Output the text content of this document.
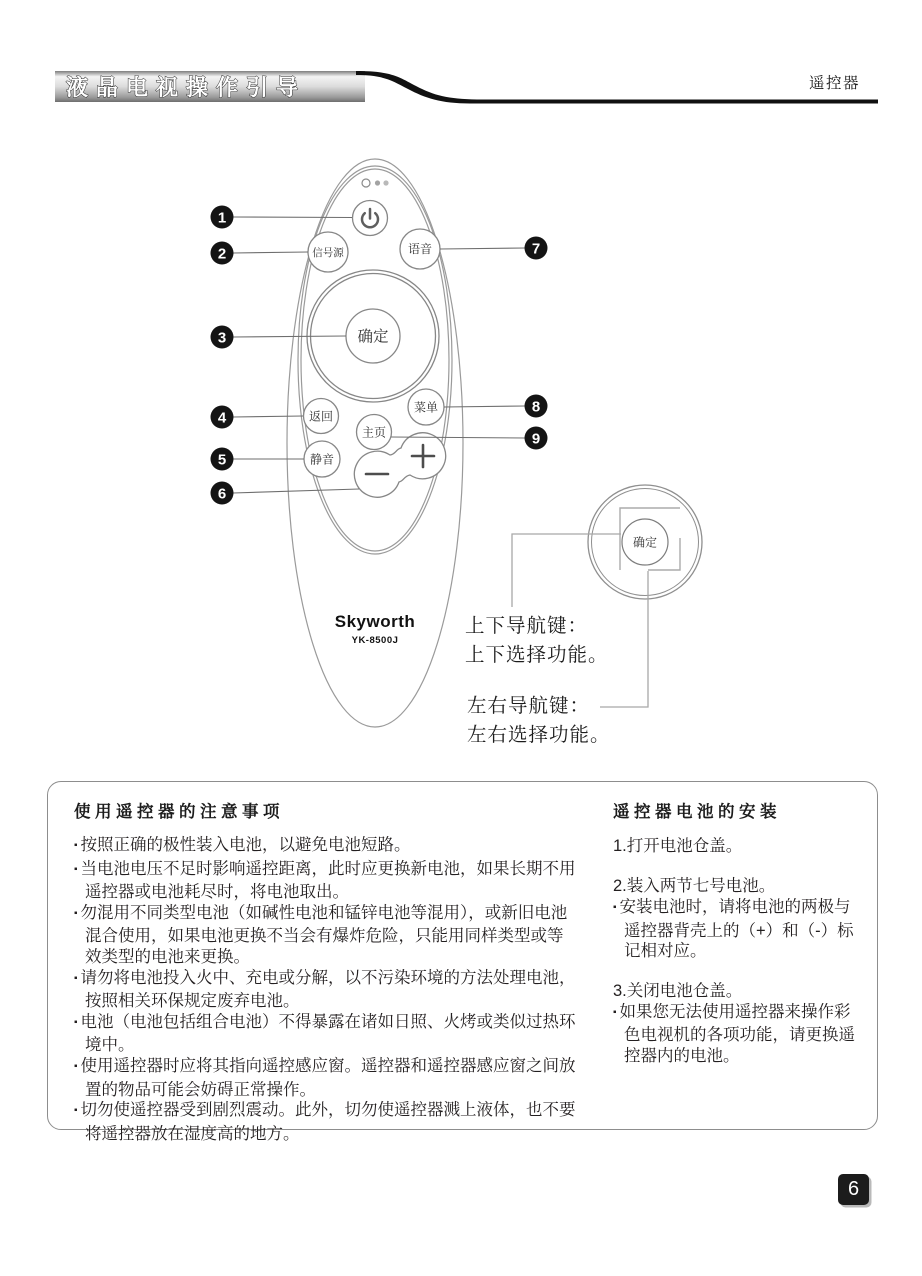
液晶电视操作引导	遥控器
信号源	语音
确定
返回
菜单
主页
静音
Skyworth
YK-8500J
1
2
3
4
5
6
7
8
9
确定
上下导航键：
上下选择功能。
左右导航键：
左右选择功能。
使用遥控器的注意事项
▪ 按照正确的极性装入电池，以避免电池短路。
▪ 当电池电压不足时影响遥控距离，此时应更换新电池，如果长期不用遥控器或电池耗尽时，将电池取出。
▪ 勿混用不同类型电池（如碱性电池和锰锌电池等混用），或新旧电池混合使用，如果电池更换不当会有爆炸危险，只能用同样类型或等效类型的电池来更换。
▪ 请勿将电池投入火中、充电或分解，以不污染环境的方法处理电池，按照相关环保规定废弃电池。
▪ 电池（电池包括组合电池）不得暴露在诸如日照、火烤或类似过热环境中。
▪ 使用遥控器时应将其指向遥控感应窗。遥控器和遥控器感应窗之间放置的物品可能会妨碍正常操作。
▪ 切勿使遥控器受到剧烈震动。此外，切勿使遥控器溅上液体，也不要将遥控器放在湿度高的地方。
遥控器电池的安装
1.打开电池仓盖。
2.装入两节七号电池。
▪ 安装电池时，请将电池的两极与遥控器背壳上的（+）和（-）标记相对应。
3.关闭电池仓盖。
▪ 如果您无法使用遥控器来操作彩色电视机的各项功能，请更换遥控器内的电池。
6
